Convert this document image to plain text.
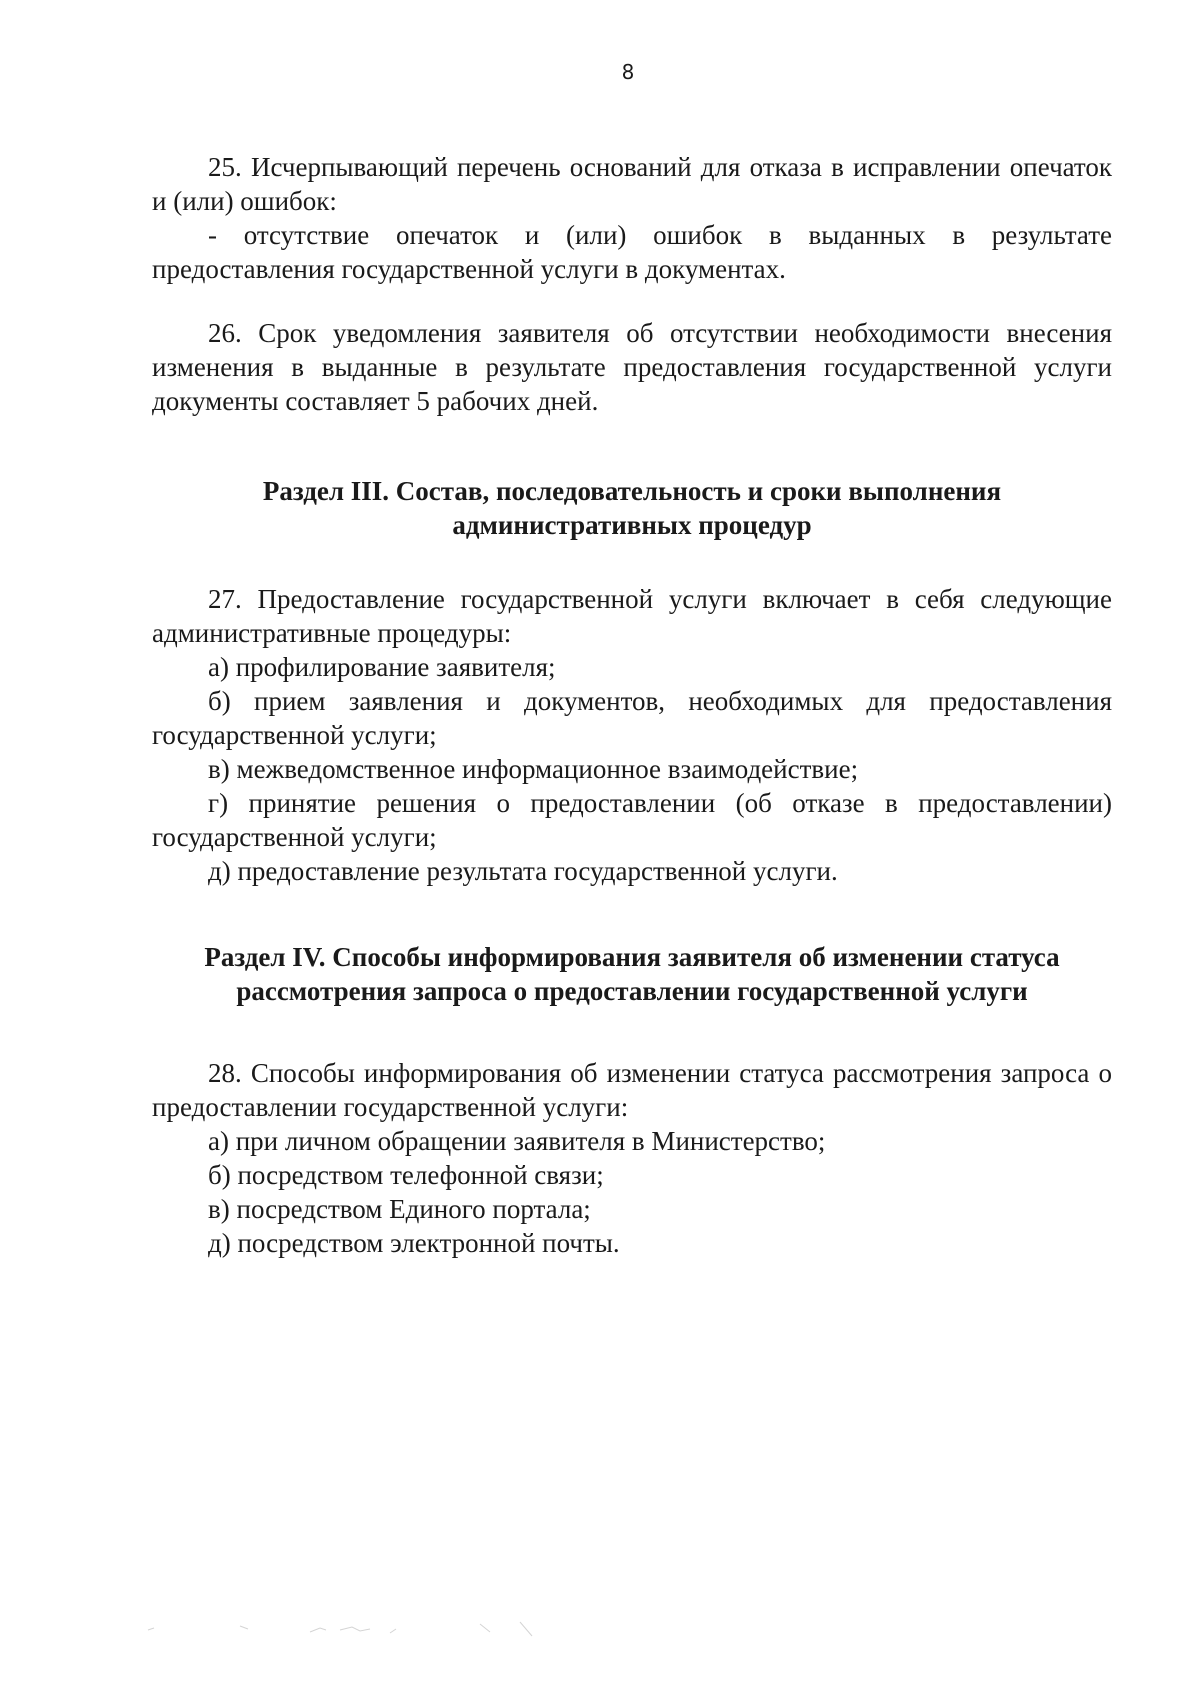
8

25. Исчерпывающий перечень оснований для отказа в исправлении опечаток и (или) ошибок:

- отсутствие опечаток и (или) ошибок в выданных в результате предоставления государственной услуги в документах.

26. Срок уведомления заявителя об отсутствии необходимости внесения изменения в выданные в результате предоставления государственной услуги документы составляет 5 рабочих дней.

Раздел III. Состав, последовательность и сроки выполнения
административных процедур

27. Предоставление государственной услуги включает в себя следующие административные процедуры:

а) профилирование заявителя;

б) прием заявления и документов, необходимых для предоставления государственной услуги;

в) межведомственное информационное взаимодействие;

г) принятие решения о предоставлении (об отказе в предоставлении) государственной услуги;

д) предоставление результата государственной услуги.

Раздел IV. Способы информирования заявителя об изменении статуса
рассмотрения запроса о предоставлении государственной услуги

28. Способы информирования об изменении статуса рассмотрения запроса о предоставлении государственной услуги:

а) при личном обращении заявителя в Министерство;

б) посредством телефонной связи;

в) посредством Единого портала;

д) посредством электронной почты.
